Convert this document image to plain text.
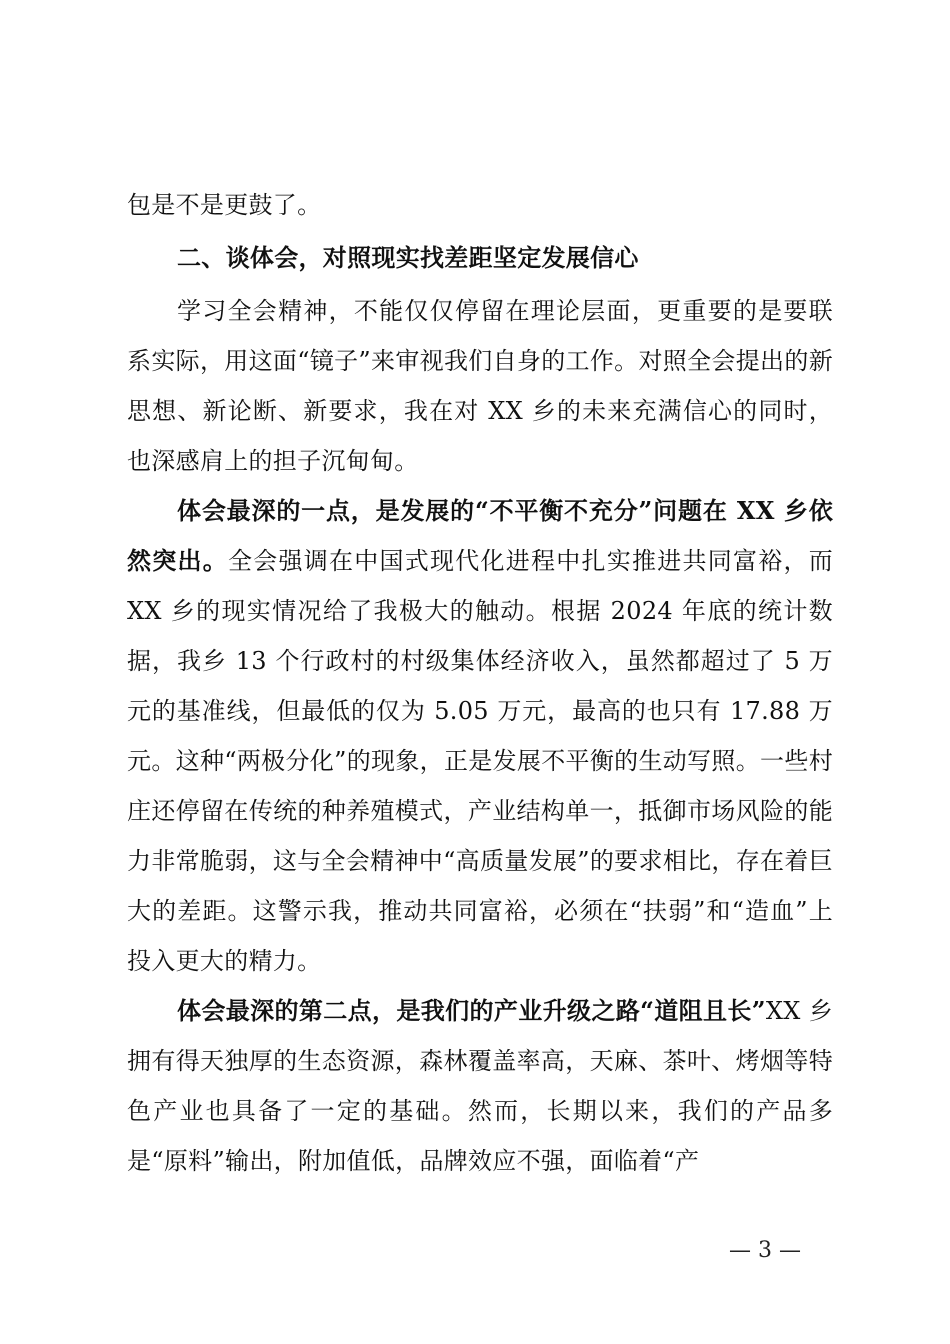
包是不是更鼓了。

二、谈体会，对照现实找差距坚定发展信心

学习全会精神，不能仅仅停留在理论层面，更重要的是要联系实际，用这面“镜子”来审视我们自身的工作。对照全会提出的新思想、新论断、新要求，我在对 XX 乡的未来充满信心的同时，也深感肩上的担子沉甸甸。

体会最深的一点，是发展的“不平衡不充分”问题在 XX 乡依然突出。全会强调在中国式现代化进程中扎实推进共同富裕，而 XX 乡的现实情况给了我极大的触动。根据 2024 年底的统计数据，我乡 13 个行政村的村级集体经济收入，虽然都超过了 5 万元的基准线，但最低的仅为 5.05 万元，最高的也只有 17.88 万元。这种“两极分化”的现象，正是发展不平衡的生动写照。一些村庄还停留在传统的种养殖模式，产业结构单一，抵御市场风险的能力非常脆弱，这与全会精神中“高质量发展”的要求相比，存在着巨大的差距。这警示我，推动共同富裕，必须在“扶弱”和“造血”上投入更大的精力。

体会最深的第二点，是我们的产业升级之路“道阻且长”XX 乡拥有得天独厚的生态资源，森林覆盖率高，天麻、茶叶、烤烟等特色产业也具备了一定的基础。然而，长期以来，我们的产品多是“原料”输出，附加值低，品牌效应不强，面临着“产

— 3 —
